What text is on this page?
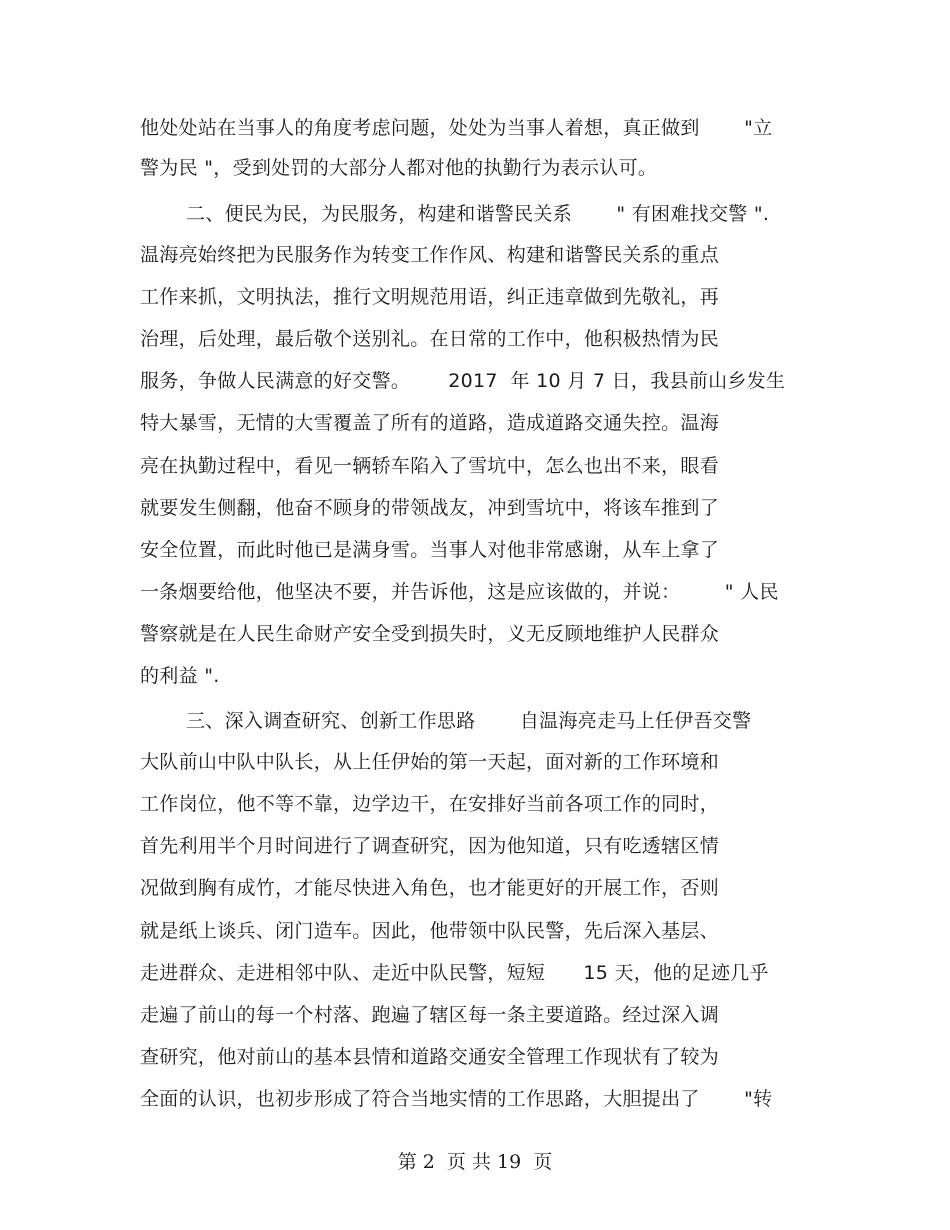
他处处站在当事人的角度考虑问题，处处为当事人着想，真正做到       "立
警为民 "，受到处罚的大部分人都对他的执勤行为表示认可。
二、便民为民，为民服务，构建和谐警民关系       " 有困难找交警 ".
温海亮始终把为民服务作为转变工作作风、构建和谐警民关系的重点
工作来抓，文明执法，推行文明规范用语，纠正违章做到先敬礼，再
治理，后处理，最后敬个送别礼。在日常的工作中，他积极热情为民
服务，争做人民满意的好交警。      2017  年 10 月 7 日，我县前山乡发生
特大暴雪，无情的大雪覆盖了所有的道路，造成道路交通失控。温海
亮在执勤过程中，看见一辆轿车陷入了雪坑中，怎么也出不来，眼看
就要发生侧翻，他奋不顾身的带领战友，冲到雪坑中，将该车推到了
安全位置，而此时他已是满身雪。当事人对他非常感谢，从车上拿了
一条烟要给他，他坚决不要，并告诉他，这是应该做的，并说：       " 人民
警察就是在人民生命财产安全受到损失时，义无反顾地维护人民群众
的利益 ".
三、深入调查研究、创新工作思路       自温海亮走马上任伊吾交警
大队前山中队中队长，从上任伊始的第一天起，面对新的工作环境和
工作岗位，他不等不靠，边学边干，在安排好当前各项工作的同时，
首先利用半个月时间进行了调查研究，因为他知道，只有吃透辖区情
况做到胸有成竹，才能尽快进入角色，也才能更好的开展工作，否则
就是纸上谈兵、闭门造车。因此，他带领中队民警，先后深入基层、
走进群众、走进相邻中队、走近中队民警，短短      15 天，他的足迹几乎
走遍了前山的每一个村落、跑遍了辖区每一条主要道路。经过深入调
查研究，他对前山的基本县情和道路交通安全管理工作现状有了较为
全面的认识，也初步形成了符合当地实情的工作思路，大胆提出了       "转
第 2  页 共 19  页
